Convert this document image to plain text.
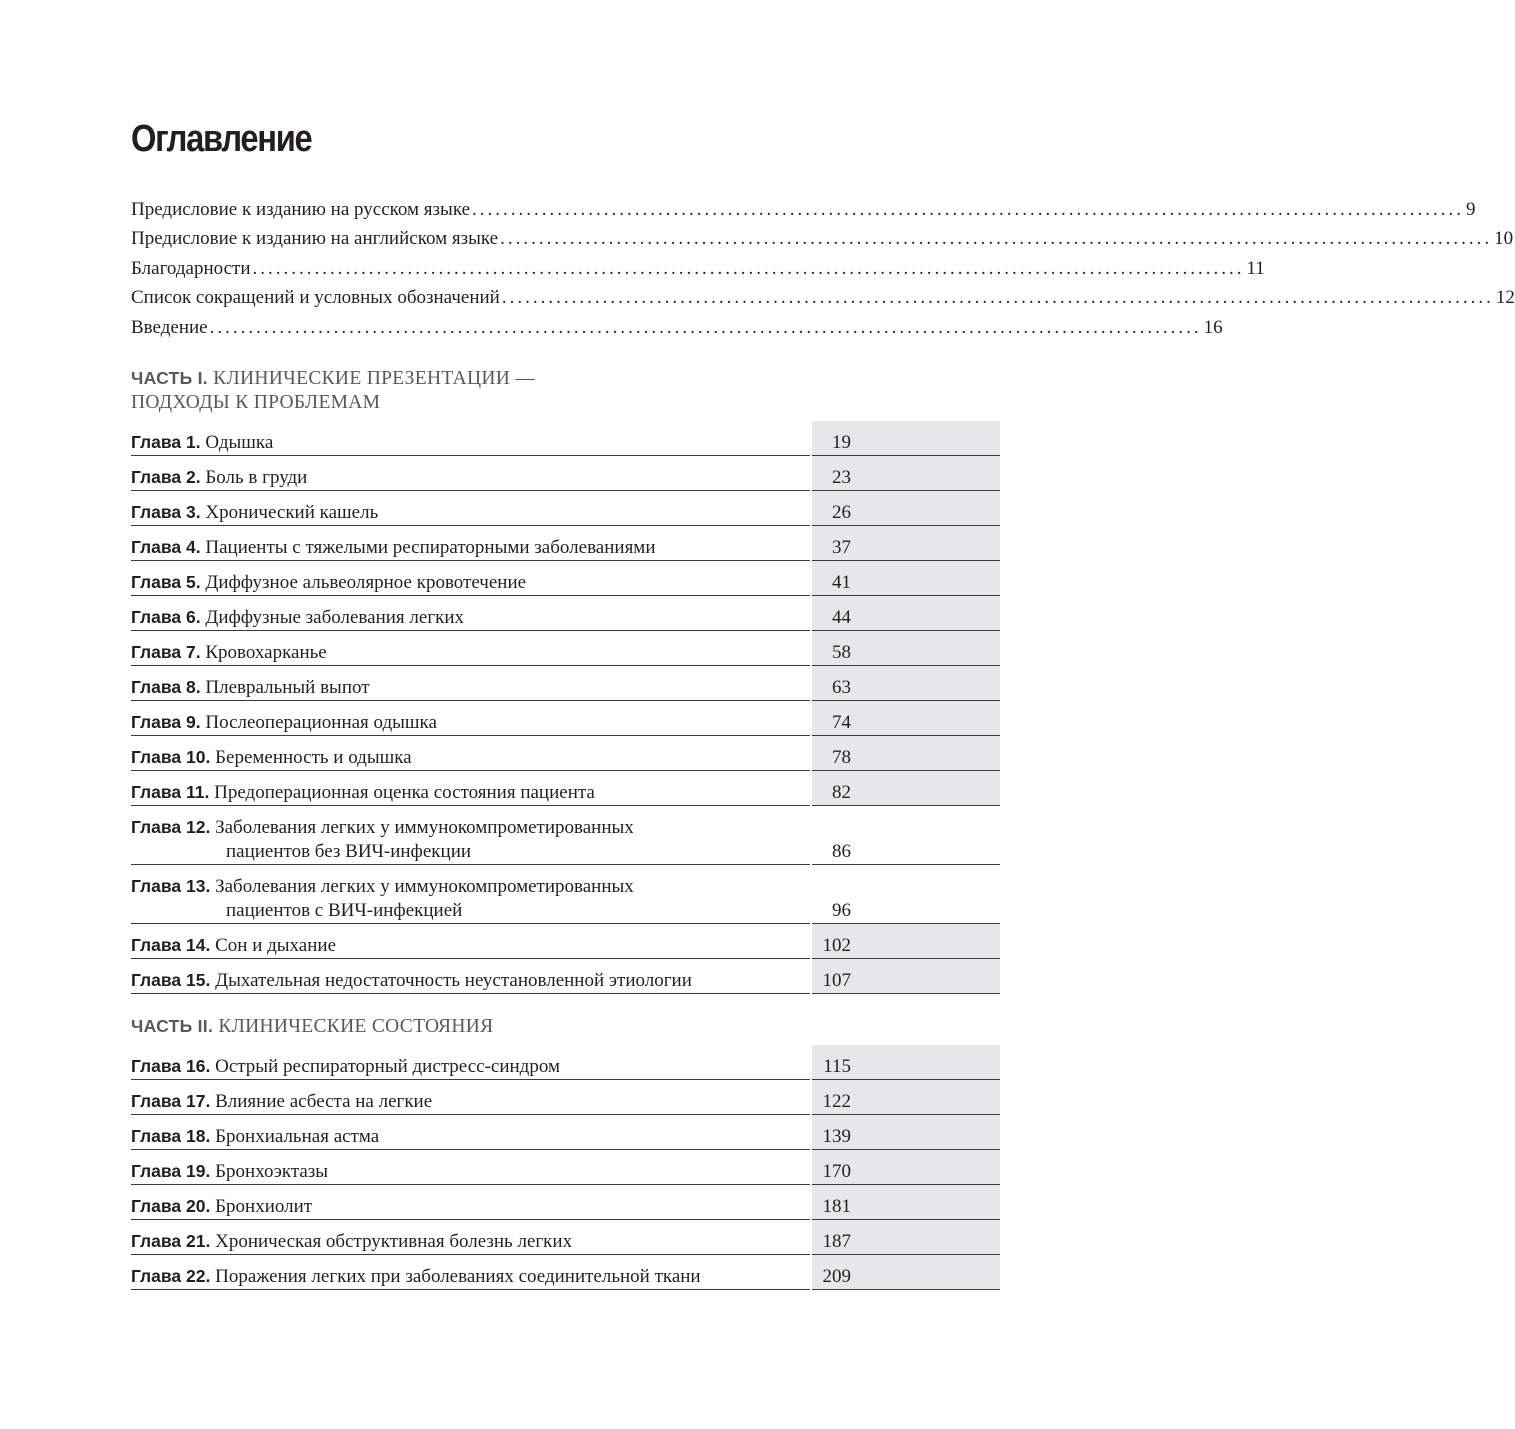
Оглавление
Предисловие к изданию на русском языке ................................................................................................................................ 9
Предисловие к изданию на английском языке ................................................................................................................................ 10
Благодарности ................................................................................................................................ 11
Список сокращений и условных обозначений ................................................................................................................................ 12
Введение ................................................................................................................................ 16
ЧАСТЬ I. КЛИНИЧЕСКИЕ ПРЕЗЕНТАЦИИ —
ПОДХОДЫ К ПРОБЛЕМАМ
Глава 1. Одышка	19
Глава 2. Боль в груди	23
Глава 3. Хронический кашель	26
Глава 4. Пациенты с тяжелыми респираторными заболеваниями	37
Глава 5. Диффузное альвеолярное кровотечение	41
Глава 6. Диффузные заболевания легких	44
Глава 7. Кровохарканье	58
Глава 8. Плевральный выпот	63
Глава 9. Послеоперационная одышка	74
Глава 10. Беременность и одышка	78
Глава 11. Предоперационная оценка состояния пациента	82
Глава 12. Заболевания легких у иммунокомпрометированных
пациентов без ВИЧ-инфекции	86
Глава 13. Заболевания легких у иммунокомпрометированных
пациентов с ВИЧ-инфекцией	96
Глава 14. Сон и дыхание	102
Глава 15. Дыхательная недостаточность неустановленной этиологии	107
ЧАСТЬ II. КЛИНИЧЕСКИЕ СОСТОЯНИЯ
Глава 16. Острый респираторный дистресс-синдром	115
Глава 17. Влияние асбеста на легкие	122
Глава 18. Бронхиальная астма	139
Глава 19. Бронхоэктазы	170
Глава 20. Бронхиолит	181
Глава 21. Хроническая обструктивная болезнь легких	187
Глава 22. Поражения легких при заболеваниях соединительной ткани	209
